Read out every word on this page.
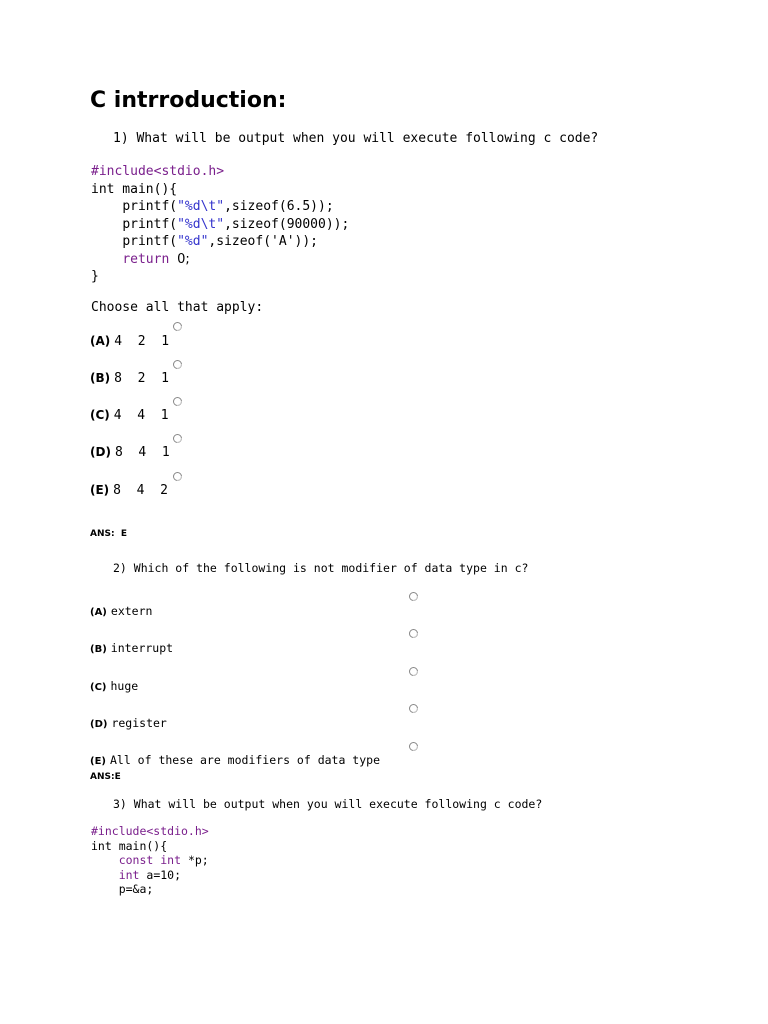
C intrroduction:
1) What will be output when you will execute following c code?
#include<stdio.h>
int main(){
printf("%d\t",sizeof(6.5));
printf("%d\t",sizeof(90000));
printf("%d",sizeof('A'));
return 0;
}
Choose all that apply:
(A) 4  2  1
(B) 8  2  1
(C) 4  4  1
(D) 8  4  1
(E) 8  4  2
ANS:  E
2) Which of the following is not modifier of data type in c?
(A) extern
(B) interrupt
(C) huge
(D) register
(E) All of these are modifiers of data type
ANS:E
3) What will be output when you will execute following c code?
#include<stdio.h>
int main(){
const int *p;
int a=10;
p=&a;
